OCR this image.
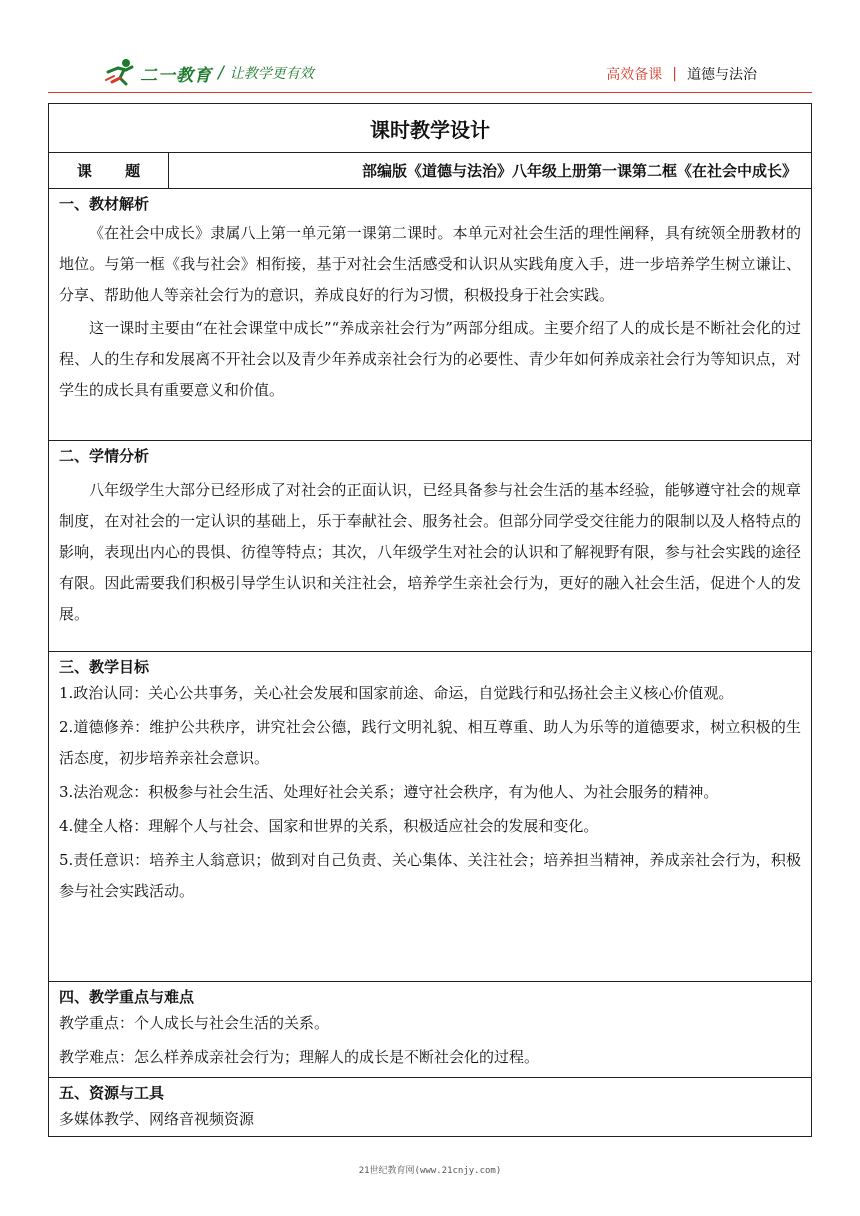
二一教育 / 让教学更有效	高效备课 | 道德与法治
课时教学设计
课 题	部编版《道德与法治》八年级上册第一课第二框《在社会中成长》
一、教材解析
《在社会中成长》隶属八上第一单元第一课第二课时。本单元对社会生活的理性阐释，具有统领全册教材的地位。与第一框《我与社会》相衔接，基于对社会生活感受和认识从实践角度入手，进一步培养学生树立谦让、分享、帮助他人等亲社会行为的意识，养成良好的行为习惯，积极投身于社会实践。
这一课时主要由“在社会课堂中成长”“养成亲社会行为”两部分组成。主要介绍了人的成长是不断社会化的过程、人的生存和发展离不开社会以及青少年养成亲社会行为的必要性、青少年如何养成亲社会行为等知识点，对学生的成长具有重要意义和价值。
二、学情分析
八年级学生大部分已经形成了对社会的正面认识，已经具备参与社会生活的基本经验，能够遵守社会的规章制度，在对社会的一定认识的基础上，乐于奉献社会、服务社会。但部分同学受交往能力的限制以及人格特点的影响，表现出内心的畏惧、彷徨等特点；其次，八年级学生对社会的认识和了解视野有限，参与社会实践的途径有限。因此需要我们积极引导学生认识和关注社会，培养学生亲社会行为，更好的融入社会生活，促进个人的发展。
三、教学目标
1.政治认同：关心公共事务，关心社会发展和国家前途、命运，自觉践行和弘扬社会主义核心价值观。
2.道德修养：维护公共秩序，讲究社会公德，践行文明礼貌、相互尊重、助人为乐等的道德要求，树立积极的生活态度，初步培养亲社会意识。
3.法治观念：积极参与社会生活、处理好社会关系；遵守社会秩序，有为他人、为社会服务的精神。
4.健全人格：理解个人与社会、国家和世界的关系，积极适应社会的发展和变化。
5.责任意识：培养主人翁意识；做到对自己负责、关心集体、关注社会；培养担当精神，养成亲社会行为，积极参与社会实践活动。
四、教学重点与难点
教学重点：个人成长与社会生活的关系。
教学难点：怎么样养成亲社会行为；理解人的成长是不断社会化的过程。
五、资源与工具
多媒体教学、网络音视频资源
21世纪教育网(www.21cnjy.com)
